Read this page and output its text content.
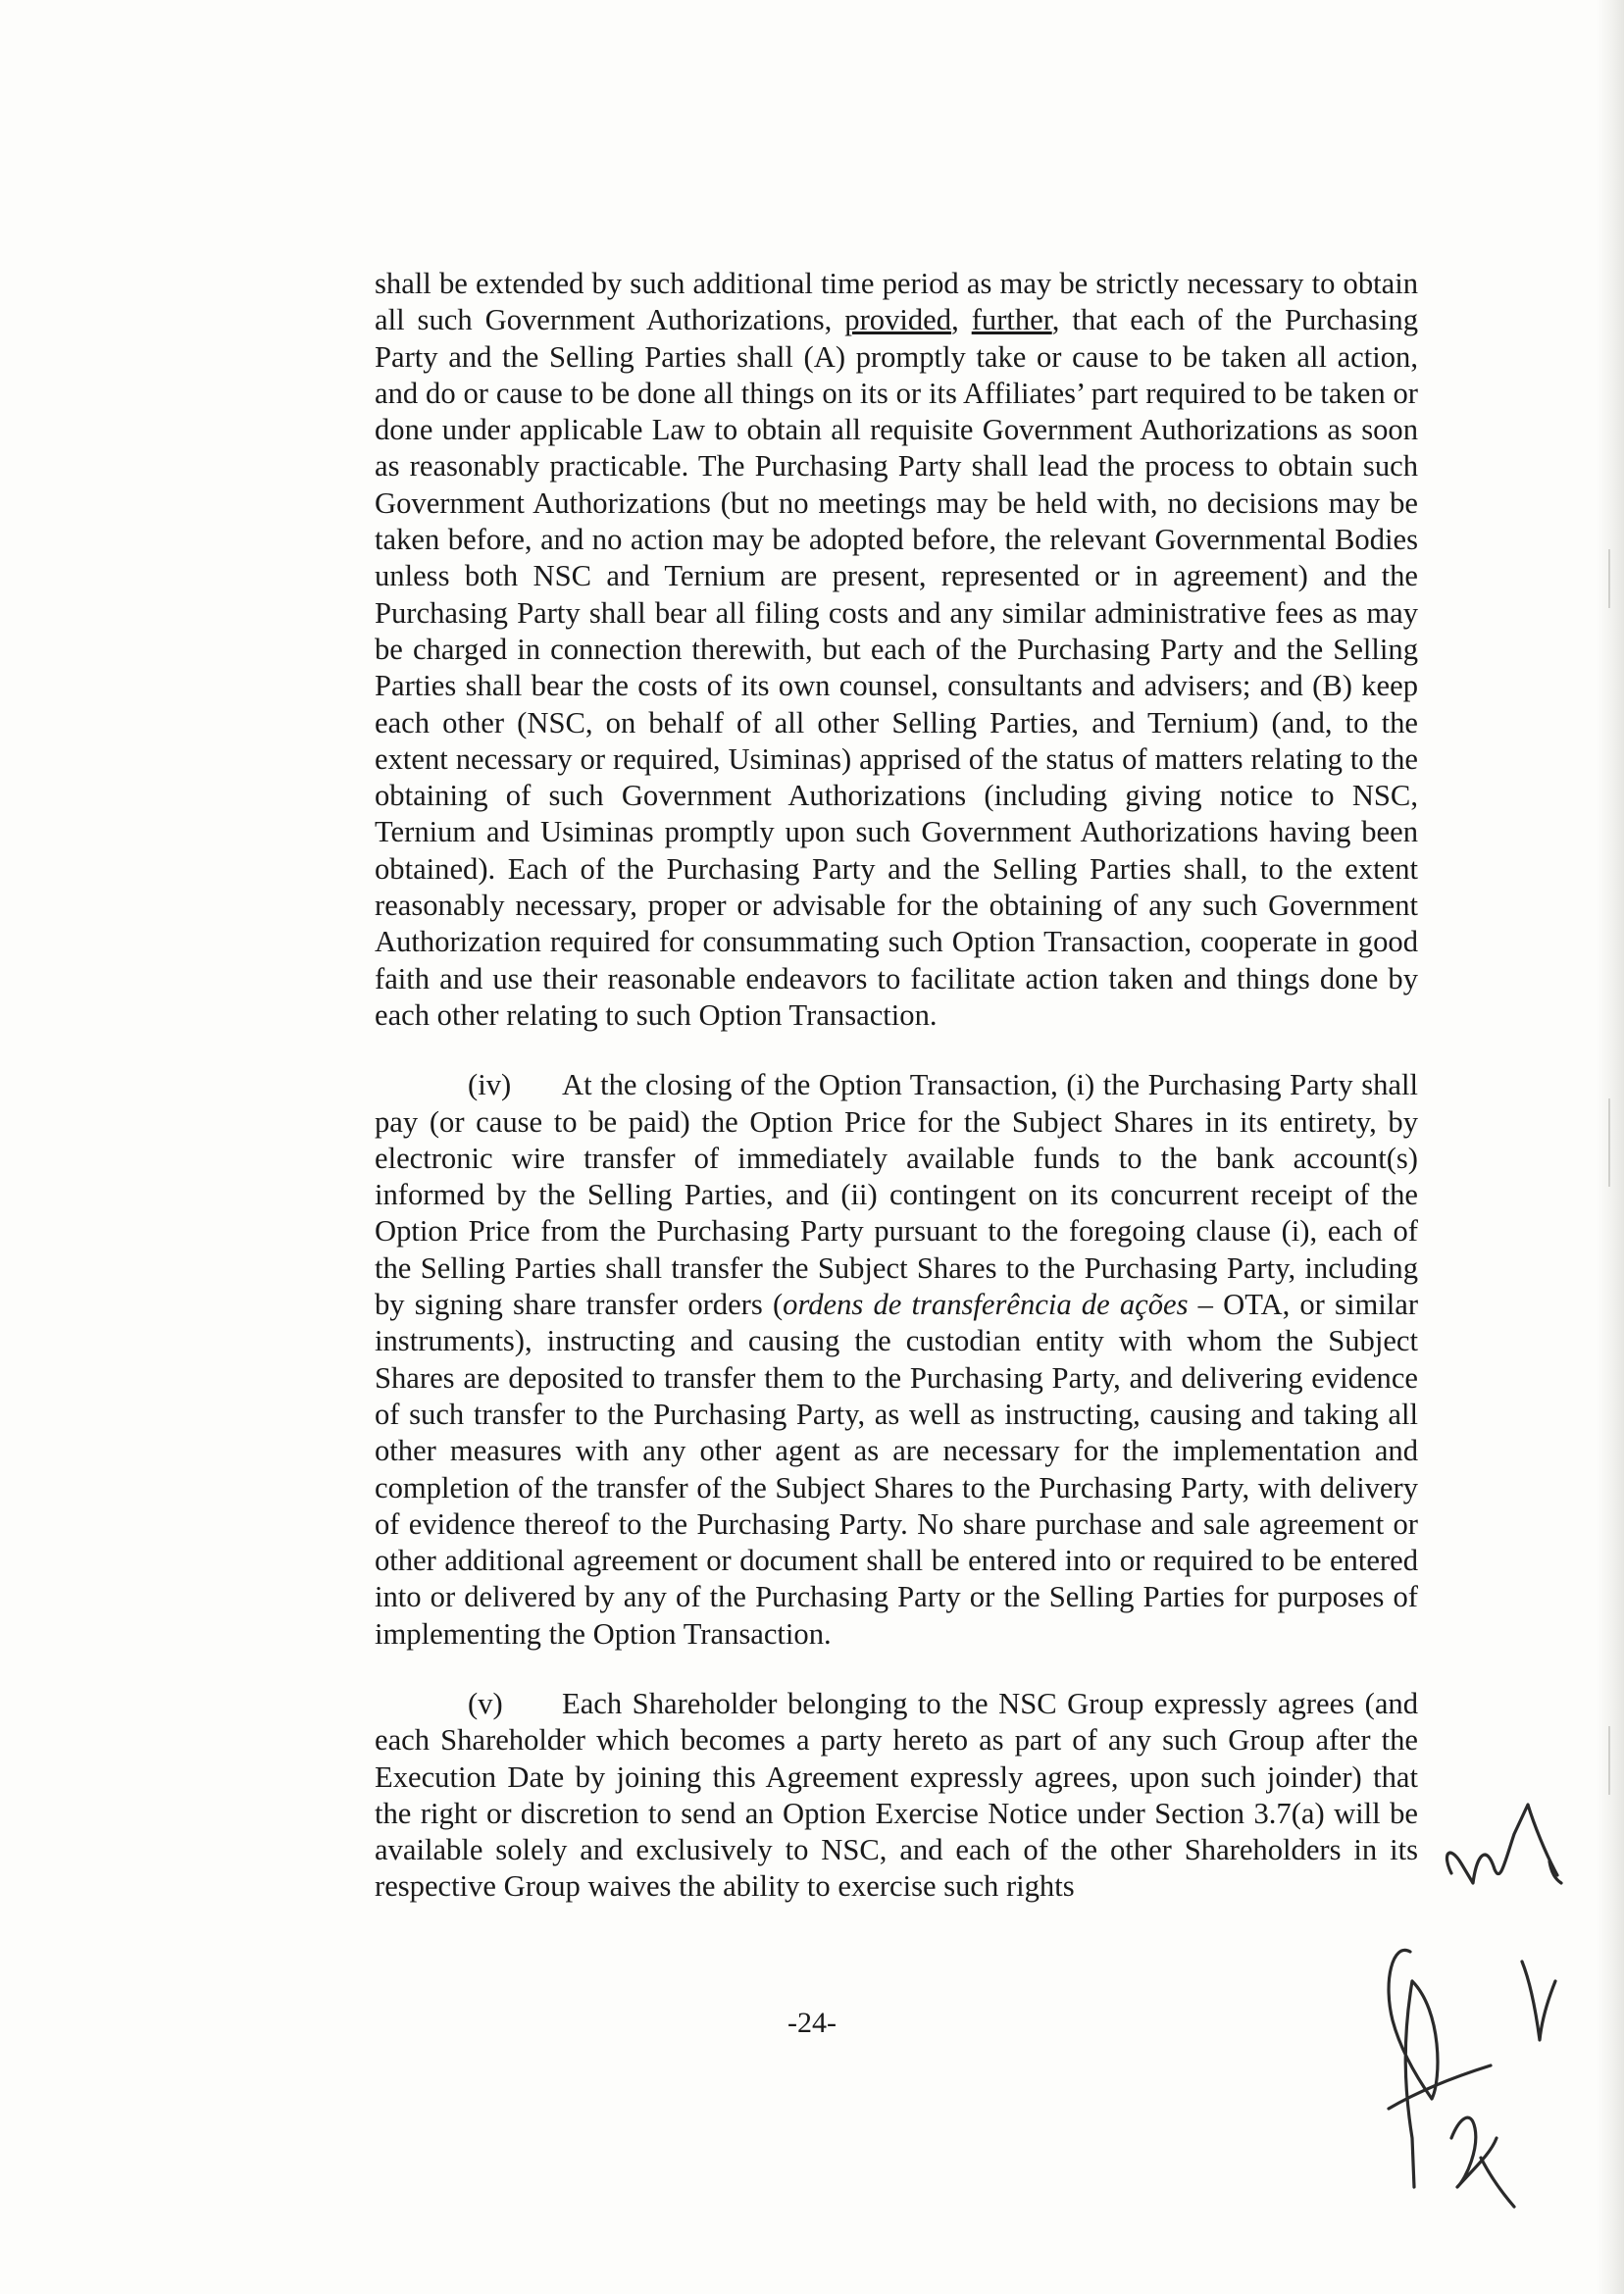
shall be extended by such additional time period as may be strictly necessary to obtain all such Government Authorizations, provided, further, that each of the Purchasing Party and the Selling Parties shall (A) promptly take or cause to be taken all action, and do or cause to be done all things on its or its Affiliates’ part required to be taken or done under applicable Law to obtain all requisite Government Authorizations as soon as reasonably practicable. The Purchasing Party shall lead the process to obtain such Government Authorizations (but no meetings may be held with, no decisions may be taken before, and no action may be adopted before, the relevant Governmental Bodies unless both NSC and Ternium are present, represented or in agreement) and the Purchasing Party shall bear all filing costs and any similar administrative fees as may be charged in connection therewith, but each of the Purchasing Party and the Selling Parties shall bear the costs of its own counsel, consultants and advisers; and (B) keep each other (NSC, on behalf of all other Selling Parties, and Ternium) (and, to the extent necessary or required, Usiminas) apprised of the status of matters relating to the obtaining of such Government Authorizations (including giving notice to NSC, Ternium and Usiminas promptly upon such Government Authorizations having been obtained). Each of the Purchasing Party and the Selling Parties shall, to the extent reasonably necessary, proper or advisable for the obtaining of any such Government Authorization required for consummating such Option Transaction, cooperate in good faith and use their reasonable endeavors to facilitate action taken and things done by each other relating to such Option Transaction.

(iv) At the closing of the Option Transaction, (i) the Purchasing Party shall pay (or cause to be paid) the Option Price for the Subject Shares in its entirety, by electronic wire transfer of immediately available funds to the bank account(s) informed by the Selling Parties, and (ii) contingent on its concurrent receipt of the Option Price from the Purchasing Party pursuant to the foregoing clause (i), each of the Selling Parties shall transfer the Subject Shares to the Purchasing Party, including by signing share transfer orders (ordens de transferência de ações – OTA, or similar instruments), instructing and causing the custodian entity with whom the Subject Shares are deposited to transfer them to the Purchasing Party, and delivering evidence of such transfer to the Purchasing Party, as well as instructing, causing and taking all other measures with any other agent as are necessary for the implementation and completion of the transfer of the Subject Shares to the Purchasing Party, with delivery of evidence thereof to the Purchasing Party. No share purchase and sale agreement or other additional agreement or document shall be entered into or required to be entered into or delivered by any of the Purchasing Party or the Selling Parties for purposes of implementing the Option Transaction.

(v) Each Shareholder belonging to the NSC Group expressly agrees (and each Shareholder which becomes a party hereto as part of any such Group after the Execution Date by joining this Agreement expressly agrees, upon such joinder) that the right or discretion to send an Option Exercise Notice under Section 3.7(a) will be available solely and exclusively to NSC, and each of the other Shareholders in its respective Group waives the ability to exercise such rights

-24-
